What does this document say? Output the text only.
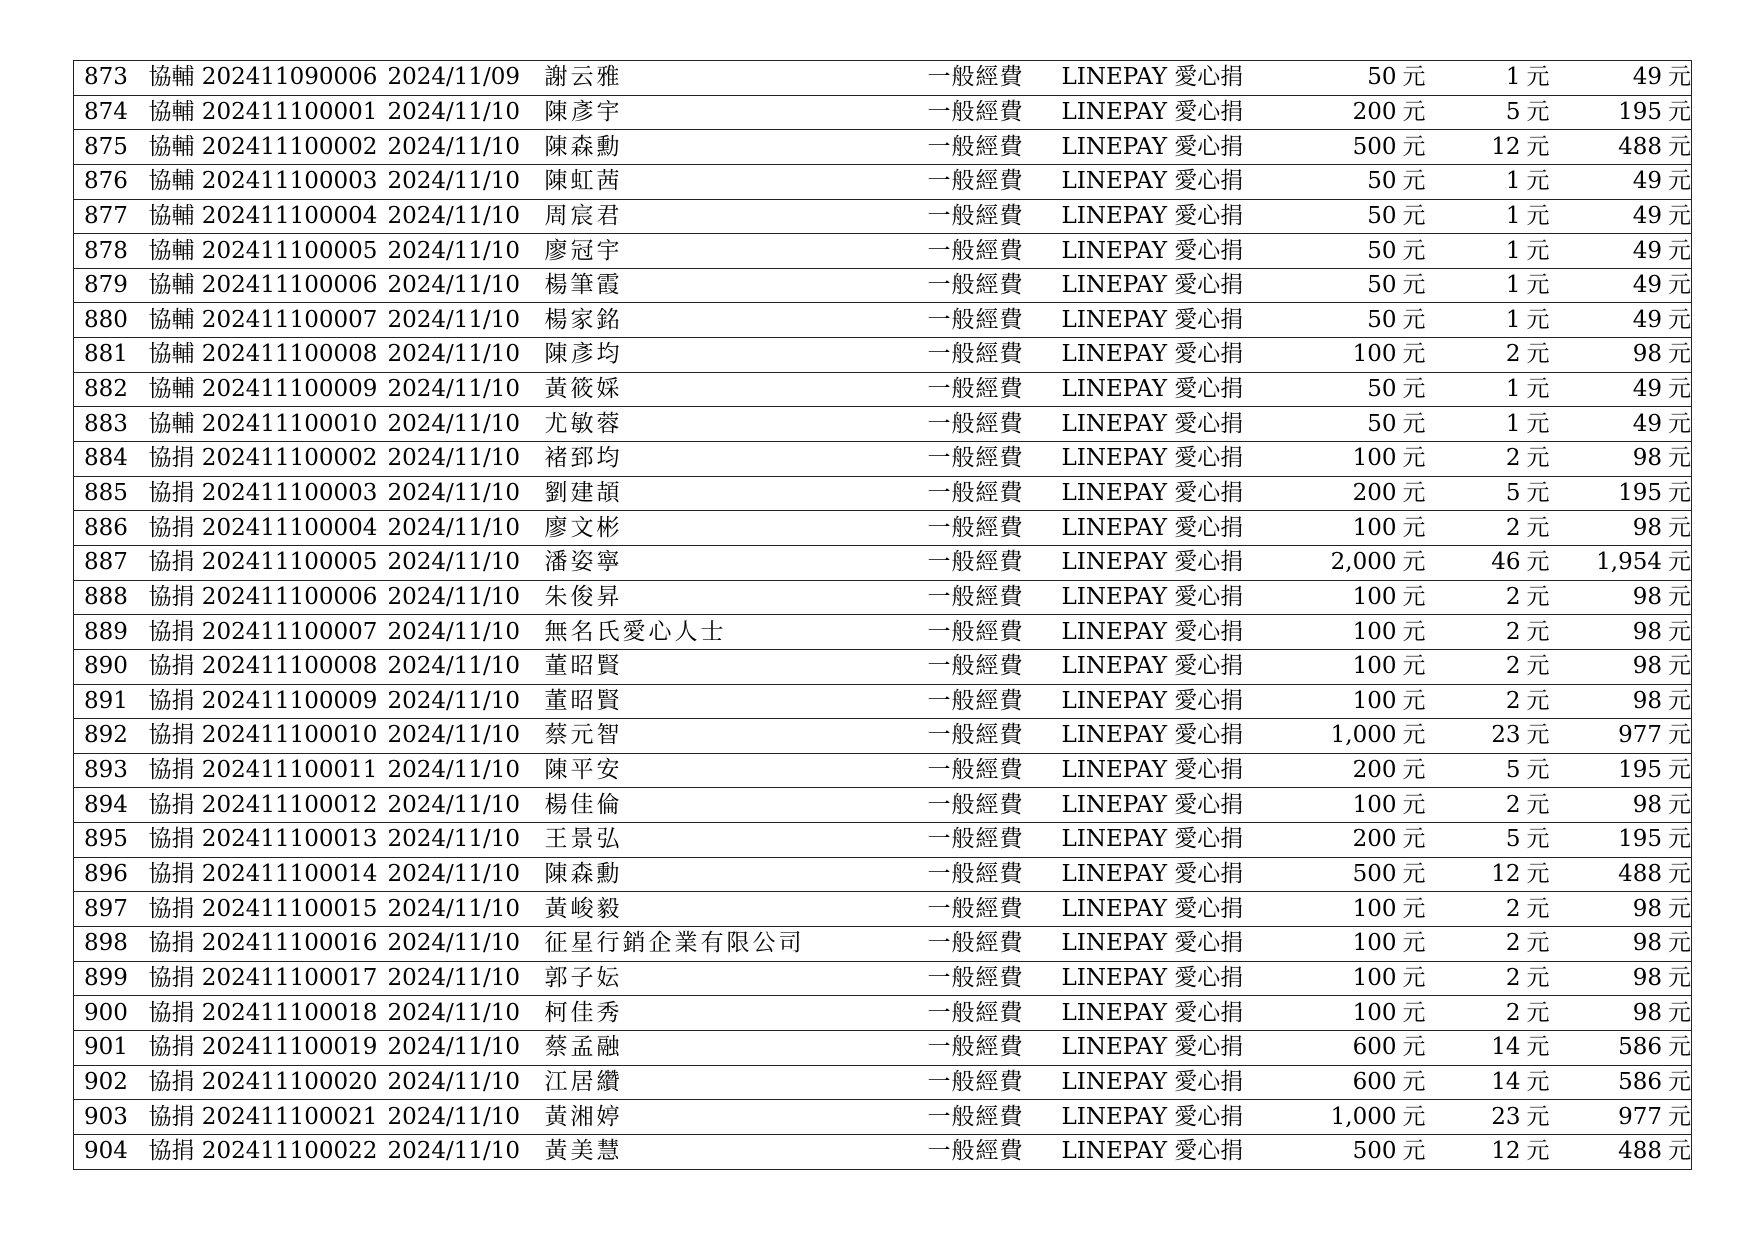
873	協輔 202411090006	2024/11/09	謝云雅	一般經費	LINEPAY 愛心捐	50 元	1 元	49 元
874	協輔 202411100001	2024/11/10	陳彥宇	一般經費	LINEPAY 愛心捐	200 元	5 元	195 元
875	協輔 202411100002	2024/11/10	陳森勳	一般經費	LINEPAY 愛心捐	500 元	12 元	488 元
876	協輔 202411100003	2024/11/10	陳虹茜	一般經費	LINEPAY 愛心捐	50 元	1 元	49 元
877	協輔 202411100004	2024/11/10	周宸君	一般經費	LINEPAY 愛心捐	50 元	1 元	49 元
878	協輔 202411100005	2024/11/10	廖冠宇	一般經費	LINEPAY 愛心捐	50 元	1 元	49 元
879	協輔 202411100006	2024/11/10	楊筆霞	一般經費	LINEPAY 愛心捐	50 元	1 元	49 元
880	協輔 202411100007	2024/11/10	楊家銘	一般經費	LINEPAY 愛心捐	50 元	1 元	49 元
881	協輔 202411100008	2024/11/10	陳彥均	一般經費	LINEPAY 愛心捐	100 元	2 元	98 元
882	協輔 202411100009	2024/11/10	黃筱婇	一般經費	LINEPAY 愛心捐	50 元	1 元	49 元
883	協輔 202411100010	2024/11/10	尤敏蓉	一般經費	LINEPAY 愛心捐	50 元	1 元	49 元
884	協捐 202411100002	2024/11/10	褚郅均	一般經費	LINEPAY 愛心捐	100 元	2 元	98 元
885	協捐 202411100003	2024/11/10	劉建頡	一般經費	LINEPAY 愛心捐	200 元	5 元	195 元
886	協捐 202411100004	2024/11/10	廖文彬	一般經費	LINEPAY 愛心捐	100 元	2 元	98 元
887	協捐 202411100005	2024/11/10	潘姿寧	一般經費	LINEPAY 愛心捐	2,000 元	46 元	1,954 元
888	協捐 202411100006	2024/11/10	朱俊昇	一般經費	LINEPAY 愛心捐	100 元	2 元	98 元
889	協捐 202411100007	2024/11/10	無名氏愛心人士	一般經費	LINEPAY 愛心捐	100 元	2 元	98 元
890	協捐 202411100008	2024/11/10	董昭賢	一般經費	LINEPAY 愛心捐	100 元	2 元	98 元
891	協捐 202411100009	2024/11/10	董昭賢	一般經費	LINEPAY 愛心捐	100 元	2 元	98 元
892	協捐 202411100010	2024/11/10	蔡元智	一般經費	LINEPAY 愛心捐	1,000 元	23 元	977 元
893	協捐 202411100011	2024/11/10	陳平安	一般經費	LINEPAY 愛心捐	200 元	5 元	195 元
894	協捐 202411100012	2024/11/10	楊佳倫	一般經費	LINEPAY 愛心捐	100 元	2 元	98 元
895	協捐 202411100013	2024/11/10	王景弘	一般經費	LINEPAY 愛心捐	200 元	5 元	195 元
896	協捐 202411100014	2024/11/10	陳森勳	一般經費	LINEPAY 愛心捐	500 元	12 元	488 元
897	協捐 202411100015	2024/11/10	黃峻毅	一般經費	LINEPAY 愛心捐	100 元	2 元	98 元
898	協捐 202411100016	2024/11/10	征星行銷企業有限公司	一般經費	LINEPAY 愛心捐	100 元	2 元	98 元
899	協捐 202411100017	2024/11/10	郭子妘	一般經費	LINEPAY 愛心捐	100 元	2 元	98 元
900	協捐 202411100018	2024/11/10	柯佳秀	一般經費	LINEPAY 愛心捐	100 元	2 元	98 元
901	協捐 202411100019	2024/11/10	蔡孟融	一般經費	LINEPAY 愛心捐	600 元	14 元	586 元
902	協捐 202411100020	2024/11/10	江居纘	一般經費	LINEPAY 愛心捐	600 元	14 元	586 元
903	協捐 202411100021	2024/11/10	黃湘婷	一般經費	LINEPAY 愛心捐	1,000 元	23 元	977 元
904	協捐 202411100022	2024/11/10	黃美慧	一般經費	LINEPAY 愛心捐	500 元	12 元	488 元
